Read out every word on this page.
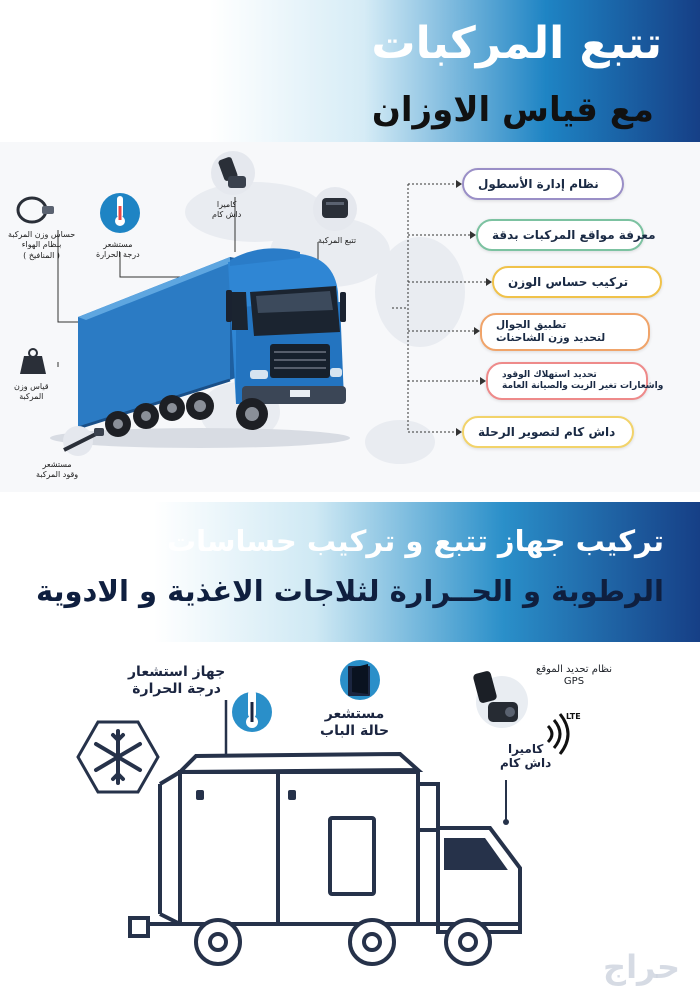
تتبع المركبات
مع قياس الاوزان
حساس وزن المركبة
بنظام الهواء
( المنافيخ )
مستشعر
درجة الحرارة
كاميرا
داش كام
تتبع المركبة
قياس وزن
المركبة
مستشعر
وقود المركبة
نظام إدارة الأسطول
معرفة مواقع المركبات بدقة
تركيب حساس الوزن
تطبيق الجوال
لتحديد وزن الشاحنات
تحديد استهلاك الوقود
واشعارات تغير الزيت والصيانة العامة
داش كام لتصوير الرحلة
تركيب جهاز تتبع و تركيب حساسات
الرطوبة و الحــرارة لثلاجات الاغذية و الادوية
جهاز استشعار
درجة الحرارة
مستشعر
حالة الباب
كاميرا
داش كام
نظام تحديد الموقع
GPS
LTE
حراج
